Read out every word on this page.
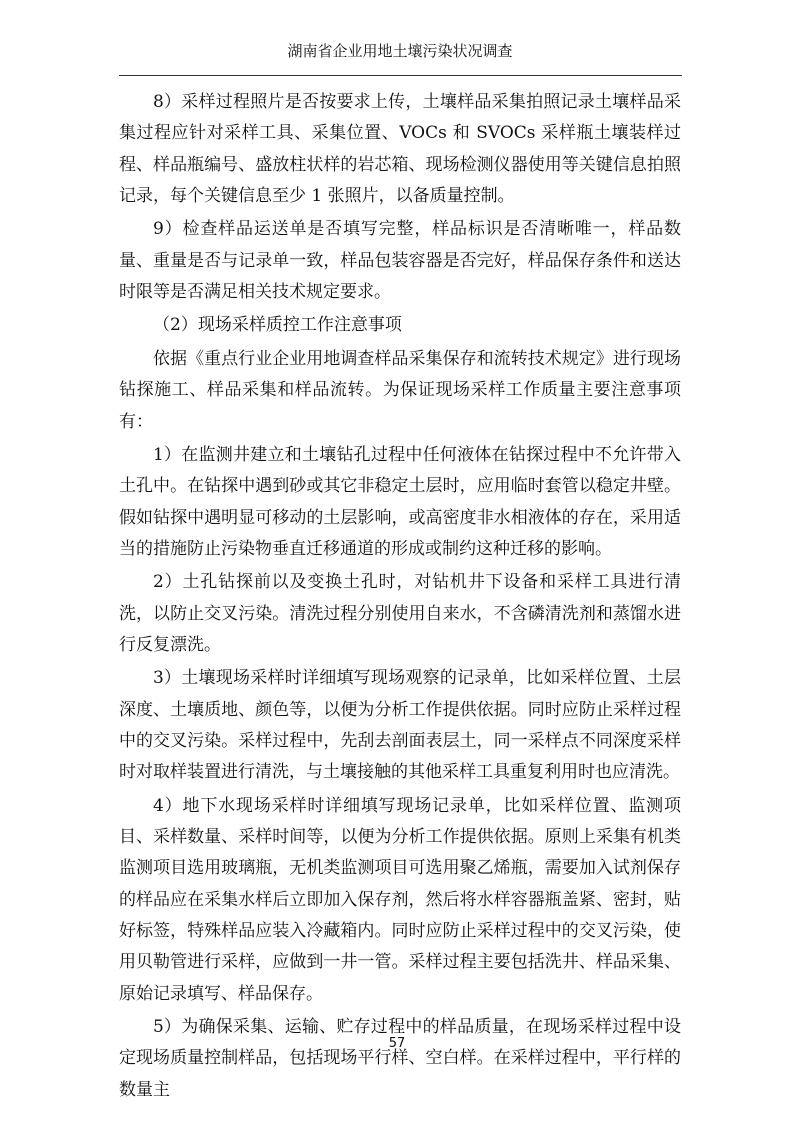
湖南省企业用地土壤污染状况调查

8）采样过程照片是否按要求上传，土壤样品采集拍照记录土壤样品采集过程应针对采样工具、采集位置、VOCs 和 SVOCs 采样瓶土壤装样过程、样品瓶编号、盛放柱状样的岩芯箱、现场检测仪器使用等关键信息拍照记录，每个关键信息至少 1 张照片，以备质量控制。

9）检查样品运送单是否填写完整，样品标识是否清晰唯一，样品数量、重量是否与记录单一致，样品包装容器是否完好，样品保存条件和送达时限等是否满足相关技术规定要求。

（2）现场采样质控工作注意事项

依据《重点行业企业用地调查样品采集保存和流转技术规定》进行现场钻探施工、样品采集和样品流转。为保证现场采样工作质量主要注意事项有：

1）在监测井建立和土壤钻孔过程中任何液体在钻探过程中不允许带入土孔中。在钻探中遇到砂或其它非稳定土层时，应用临时套管以稳定井壁。假如钻探中遇明显可移动的土层影响，或高密度非水相液体的存在，采用适当的措施防止污染物垂直迁移通道的形成或制约这种迁移的影响。

2）土孔钻探前以及变换土孔时，对钻机井下设备和采样工具进行清洗，以防止交叉污染。清洗过程分别使用自来水，不含磷清洗剂和蒸馏水进行反复漂洗。

3）土壤现场采样时详细填写现场观察的记录单，比如采样位置、土层深度、土壤质地、颜色等，以便为分析工作提供依据。同时应防止采样过程中的交叉污染。采样过程中，先刮去剖面表层土，同一采样点不同深度采样时对取样装置进行清洗，与土壤接触的其他采样工具重复利用时也应清洗。

4）地下水现场采样时详细填写现场记录单，比如采样位置、监测项目、采样数量、采样时间等，以便为分析工作提供依据。原则上采集有机类监测项目选用玻璃瓶，无机类监测项目可选用聚乙烯瓶，需要加入试剂保存的样品应在采集水样后立即加入保存剂，然后将水样容器瓶盖紧、密封，贴好标签，特殊样品应装入冷藏箱内。同时应防止采样过程中的交叉污染，使用贝勒管进行采样，应做到一井一管。采样过程主要包括洗井、样品采集、原始记录填写、样品保存。

5）为确保采集、运输、贮存过程中的样品质量，在现场采样过程中设定现场质量控制样品，包括现场平行样、空白样。在采样过程中，平行样的数量主

57
